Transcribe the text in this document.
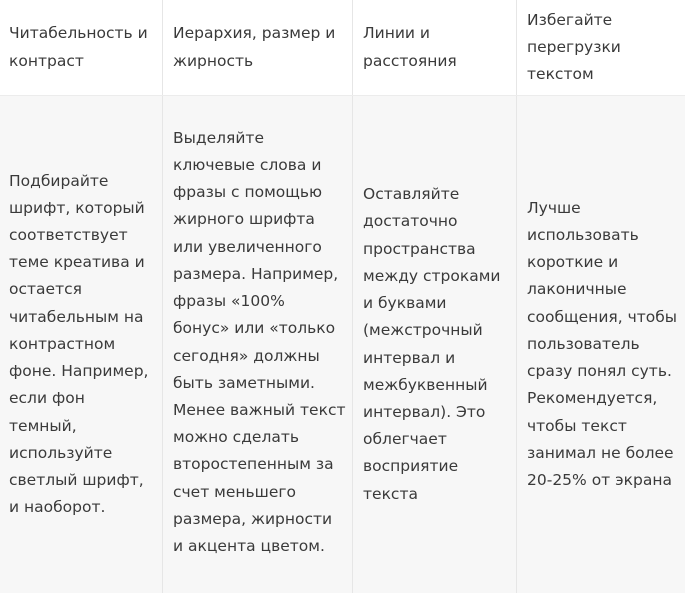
Читабельность и контраст
Иерархия, размер и жирность
Линии и расстояния
Избегайте перегрузки текстом
Подбирайте шрифт, который соответствует теме креатива и остается читабельным на контрастном фоне. Например, если фон темный, используйте светлый шрифт, и наоборот.
Выделяйте ключевые слова и фразы с помощью жирного шрифта или увеличенного размера. Например, фразы «100% бонус» или «только сегодня» должны быть заметными. Менее важный текст можно сделать второстепенным за счет меньшего размера, жирности и акцента цветом.
Оставляйте достаточно пространства между строками и буквами (межстрочный интервал и межбуквенный интервал). Это облегчает восприятие текста
Лучше использовать короткие и лаконичные сообщения, чтобы пользователь сразу понял суть. Рекомендуется, чтобы текст занимал не более 20-25% от экрана
